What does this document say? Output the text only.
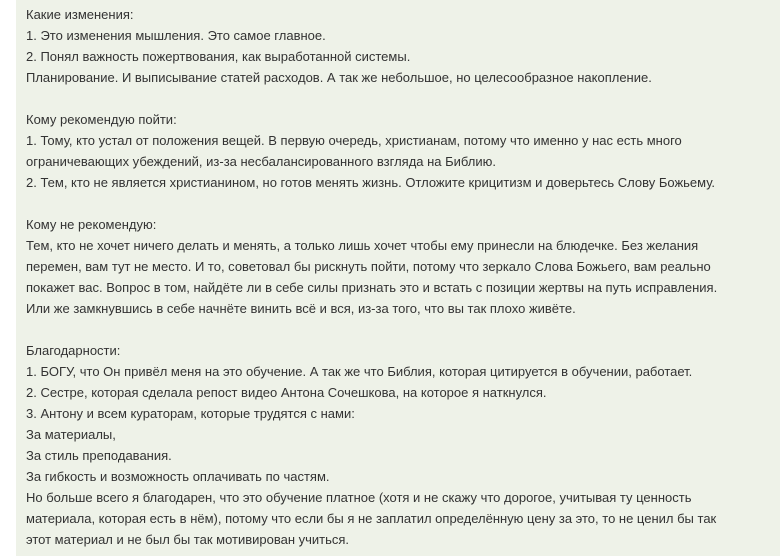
Какие изменения:
1. Это изменения мышления. Это самое главное.
2. Понял важность пожертвования, как выработанной системы.
Планирование. И выписывание статей расходов. А так же небольшое, но целесообразное накопление.
Кому рекомендую пойти:
1. Тому, кто устал от положения вещей. В первую очередь, христианам, потому что именно у нас есть много
ограничевающих убеждений, из-за несбалансированного взгляда на Библию.
2. Тем, кто не является христианином, но готов менять жизнь. Отложите крицитизм и доверьтесь Слову Божьему.
Кому не рекомендую:
Тем, кто не хочет ничего делать и менять, а только лишь хочет чтобы ему принесли на блюдечке. Без желания
перемен, вам тут не место. И то, советовал бы рискнуть пойти, потому что зеркало Слова Божьего, вам реально
покажет вас. Вопрос в том, найдёте ли в себе силы признать это и встать с позиции жертвы на путь исправления.
Или же замкнувшись в себе начнёте винить всё и вся, из-за того, что вы так плохо живёте.
Благодарности:
1. БОГУ, что Он привёл меня на это обучение. А так же что Библия, которая цитируется в обучении, работает.
2. Сестре, которая сделала репост видео Антона Сочешкова, на которое я наткнулся.
3. Антону и всем кураторам, которые трудятся с нами:
За материалы,
За стиль преподавания.
За гибкость и возможность оплачивать по частям.
Но больше всего я благодарен, что это обучение платное (хотя и не скажу что дорогое, учитывая ту ценность
материала, которая есть в нём), потому что если бы я не заплатил определённую цену за это, то не ценил бы так
этот материал и не был бы так мотивирован учиться.
